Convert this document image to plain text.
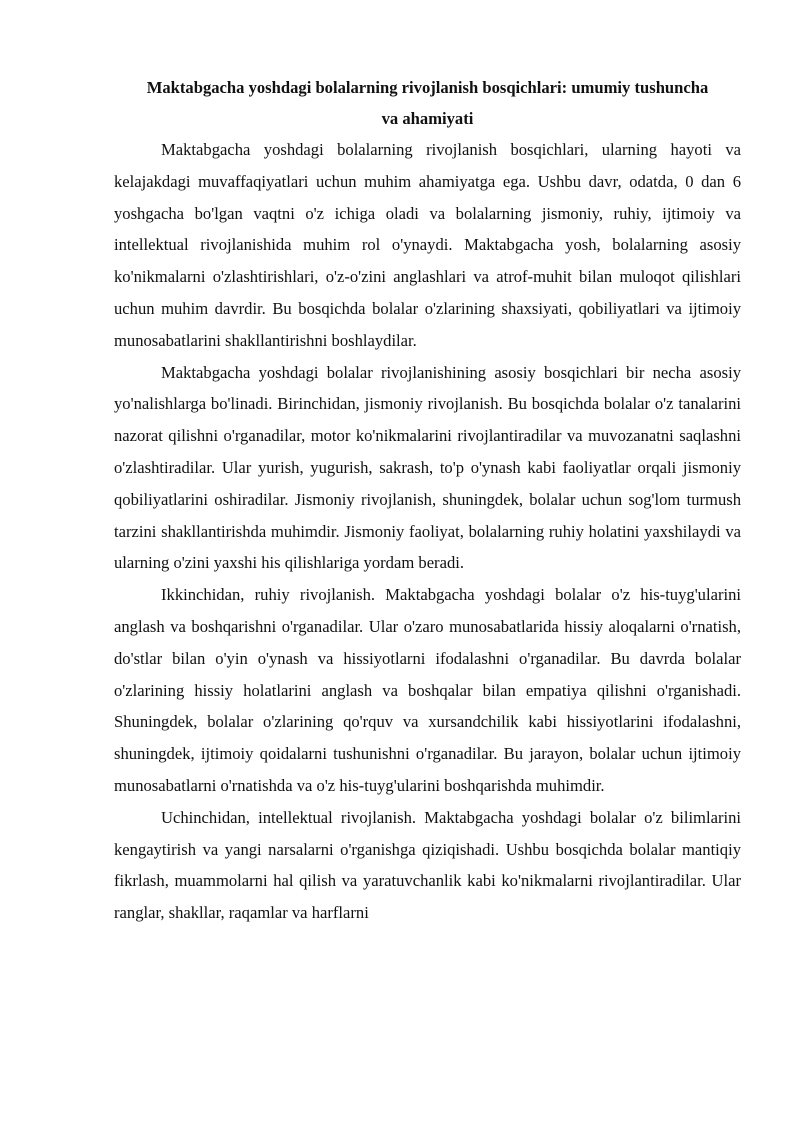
Maktabgacha yoshdagi bolalarning rivojlanish bosqichlari: umumiy tushuncha va ahamiyati

Maktabgacha yoshdagi bolalarning rivojlanish bosqichlari, ularning hayoti va kelajakdagi muvaffaqiyatlari uchun muhim ahamiyatga ega. Ushbu davr, odatda, 0 dan 6 yoshgacha bo'lgan vaqtni o'z ichiga oladi va bolalarning jismoniy, ruhiy, ijtimoiy va intellektual rivojlanishida muhim rol o'ynaydi. Maktabgacha yosh, bolalarning asosiy ko'nikmalarni o'zlashtirishlari, o'z-o'zini anglashlari va atrof-muhit bilan muloqot qilishlari uchun muhim davrdir. Bu bosqichda bolalar o'zlarining shaxsiyati, qobiliyatlari va ijtimoiy munosabatlarini shakllantirishni boshlaydilar.

Maktabgacha yoshdagi bolalar rivojlanishining asosiy bosqichlari bir necha asosiy yo'nalishlarga bo'linadi. Birinchidan, jismoniy rivojlanish. Bu bosqichda bolalar o'z tanalarini nazorat qilishni o'rganadilar, motor ko'nikmalarini rivojlantiradilar va muvozanatni saqlashni o'zlashtiradilar. Ular yurish, yugurish, sakrash, to'p o'ynash kabi faoliyatlar orqali jismoniy qobiliyatlarini oshiradilar. Jismoniy rivojlanish, shuningdek, bolalar uchun sog'lom turmush tarzini shakllantirishda muhimdir. Jismoniy faoliyat, bolalarning ruhiy holatini yaxshilaydi va ularning o'zini yaxshi his qilishlariga yordam beradi.

Ikkinchidan, ruhiy rivojlanish. Maktabgacha yoshdagi bolalar o'z his-tuyg'ularini anglash va boshqarishni o'rganadilar. Ular o'zaro munosabatlarida hissiy aloqalarni o'rnatish, do'stlar bilan o'yin o'ynash va hissiyotlarni ifodalashni o'rganadilar. Bu davrda bolalar o'zlarining hissiy holatlarini anglash va boshqalar bilan empatiya qilishni o'rganishadi. Shuningdek, bolalar o'zlarining qo'rquv va xursandchilik kabi hissiyotlarini ifodalashni, shuningdek, ijtimoiy qoidalarni tushunishni o'rganadilar. Bu jarayon, bolalar uchun ijtimoiy munosabatlarni o'rnatishda va o'z his-tuyg'ularini boshqarishda muhimdir.

Uchinchidan, intellektual rivojlanish. Maktabgacha yoshdagi bolalar o'z bilimlarini kengaytirish va yangi narsalarni o'rganishga qiziqishadi. Ushbu bosqichda bolalar mantiqiy fikrlash, muammolarni hal qilish va yaratuvchanlik kabi ko'nikmalarni rivojlantiradilar. Ular ranglar, shakllar, raqamlar va harflarni
